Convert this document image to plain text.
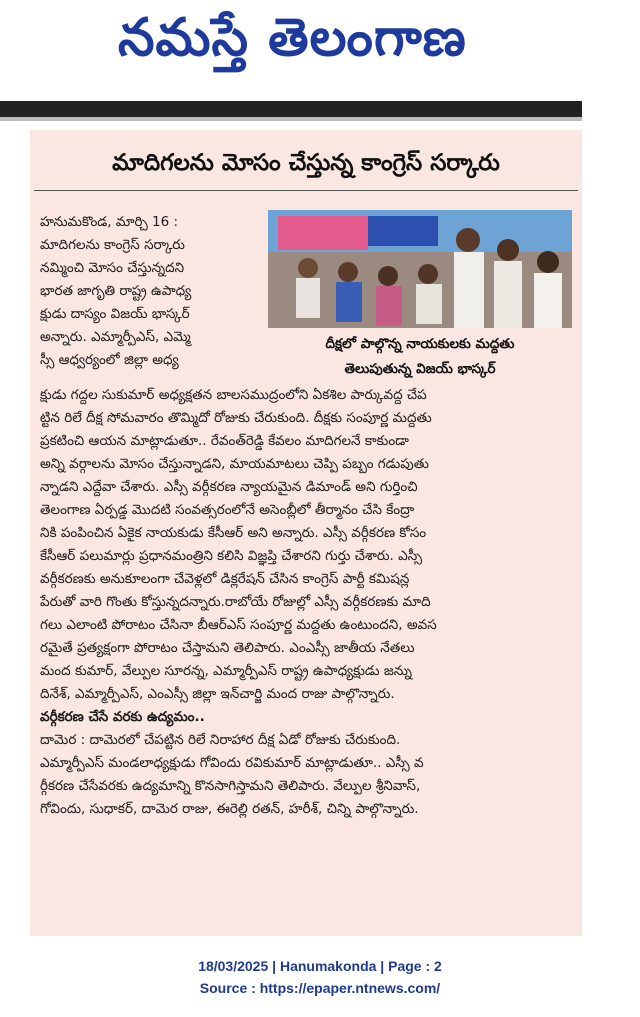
నమస్తే తెలంగాణ
మాదిగలను మోసం చేస్తున్న కాంగ్రెస్ సర్కారు
దీక్షలో పాల్గొన్న నాయకులకు మద్దతు
తెలుపుతున్న విజయ్ భాస్కర్
హనుమకొండ, మార్చి 16 :
మాదిగలను కాంగ్రెస్ సర్కారు
నమ్మించి మోసం చేస్తున్నదని
భారత జాగృతి రాష్ట్ర ఉపాధ్య
క్షుడు దాస్యం విజయ్ భాస్కర్
అన్నారు. ఎమ్మార్పీఎస్, ఎమ్మె
స్సీ ఆధ్వర్యంలో జిల్లా అధ్య
క్షుడు గద్దల సుకుమార్ అధ్యక్షతన బాలసముద్రంలోని ఏకశిల పార్కువద్ద చేప
ట్టిన రిలే దీక్ష సోమవారం తొమ్మిదో రోజుకు చేరుకుంది. దీక్షకు సంపూర్ణ మద్దతు
ప్రకటించి ఆయన మాట్లాడుతూ.. రేవంత్‌రెడ్డి కేవలం మాదిగలనే కాకుండా
అన్ని వర్గాలను మోసం చేస్తున్నాడని, మాయమాటలు చెప్పి పబ్బం గడుపుతు
న్నాడని ఎద్దేవా చేశారు. ఎస్సీ వర్గీకరణ న్యాయమైన డిమాండ్ అని గుర్తించి
తెలంగాణ ఏర్పడ్డ మొదటి సంవత్సరంలోనే అసెంబ్లీలో తీర్మానం చేసి కేంద్రా
నికి పంపించిన ఏకైక నాయకుడు కేసీఆర్ అని అన్నారు. ఎస్సీ వర్గీకరణ కోసం
కేసీఆర్ పలుమార్లు ప్రధానమంత్రిని కలిసి విజ్ఞప్తి చేశారని గుర్తు చేశారు. ఎస్సీ
వర్గీకరణకు అనుకూలంగా చేవెళ్లలో డిక్లరేషన్ చేసిన కాంగ్రెస్ పార్టీ కమిషన్ల
పేరుతో వారి గొంతు కోస్తున్నదన్నారు.రాబోయే రోజుల్లో ఎస్సీ వర్గీకరణకు మాది
గలు ఎలాంటి పోరాటం చేసినా బీఆర్ఎస్ సంపూర్ణ మద్దతు ఉంటుందని, అవస
రమైతే ప్రత్యక్షంగా పోరాటం చేస్తామని తెలిపారు. ఎంఎస్సీ జాతీయ నేతలు
మంద కుమార్, వేల్పుల సూరన్న, ఎమ్మార్పీఎస్ రాష్ట్ర ఉపాధ్యక్షుడు జన్ను
దినేశ్, ఎమ్మార్పీఎస్, ఎంఎస్సీ జిల్లా ఇన్‌చార్జి మంద రాజు పాల్గొన్నారు.
వర్గీకరణ చేసే వరకు ఉద్యమం..
దామెర : దామెరలో చేపట్టిన రిలే నిరాహార దీక్ష ఏడో రోజుకు చేరుకుంది.
ఎమ్మార్పీఎస్ మండలాధ్యక్షుడు గోవిందు రవికుమార్ మాట్లాడుతూ.. ఎస్సీ వ
ర్గీకరణ చేసేవరకు ఉద్యమాన్ని కొనసాగిస్తామని తెలిపారు. వేల్పుల శ్రీనివాస్,
గోవిందు, సుధాకర్, దామెర రాజు, ఈరెల్లి రతన్, హరీశ్, చిన్ని పాల్గొన్నారు.
18/03/2025 | Hanumakonda | Page : 2
Source : https://epaper.ntnews.com/
